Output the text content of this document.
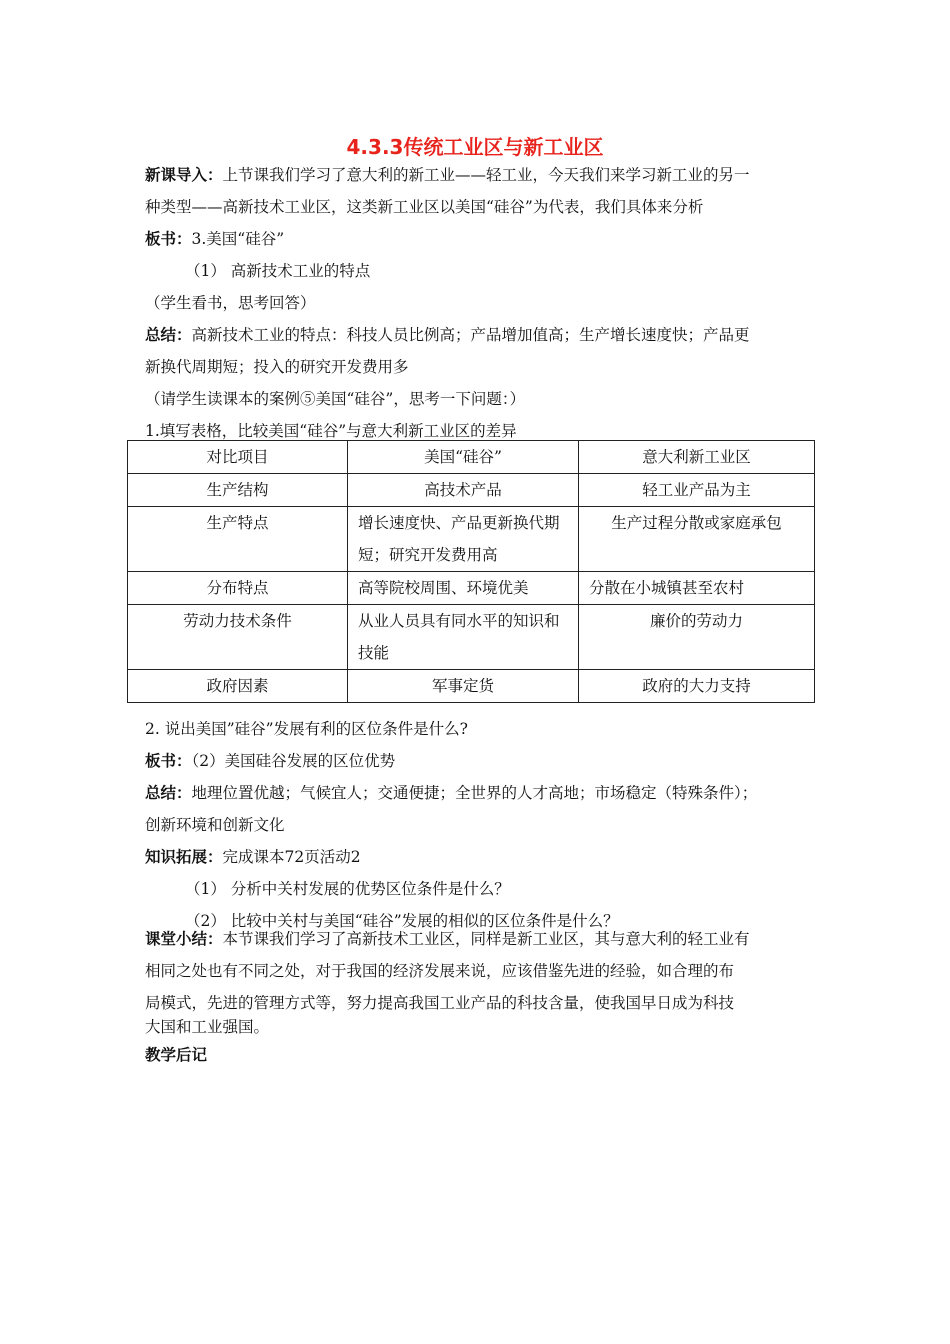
4.3.3传统工业区与新工业区
新课导入：上节课我们学习了意大利的新工业——轻工业，今天我们来学习新工业的另一
种类型——高新技术工业区，这类新工业区以美国“硅谷”为代表，我们具体来分析
板书：3.美国“硅谷”
（1） 高新技术工业的特点
（学生看书，思考回答）
总结：高新技术工业的特点：科技人员比例高；产品增加值高；生产增长速度快；产品更
新换代周期短；投入的研究开发费用多
（请学生读课本的案例⑤美国“硅谷”，思考一下问题：）
1.填写表格，比较美国“硅谷”与意大利新工业区的差异
对比项目	美国“硅谷”	意大利新工业区

生产结构	高技术产品	轻工业产品为主

生产特点	增长速度快、产品更新换代期短；研究开发费用高	生产过程分散或家庭承包

分布特点	高等院校周围、环境优美	分散在小城镇甚至农村

劳动力技术条件	从业人员具有同水平的知识和技能	廉价的劳动力

政府因素	军事定货	政府的大力支持
2. 说出美国”硅谷”发展有利的区位条件是什么?
板书：（2）美国硅谷发展的区位优势
总结：地理位置优越；气候宜人；交通便捷；全世界的人才高地；市场稳定（特殊条件）；
创新环境和创新文化
知识拓展：完成课本72页活动2
（1） 分析中关村发展的优势区位条件是什么？
（2） 比较中关村与美国“硅谷”发展的相似的区位条件是什么？
课堂小结：本节课我们学习了高新技术工业区，同样是新工业区，其与意大利的轻工业有
相同之处也有不同之处，对于我国的经济发展来说，应该借鉴先进的经验，如合理的布
局模式，先进的管理方式等，努力提高我国工业产品的科技含量，使我国早日成为科技
大国和工业强国。
教学后记
